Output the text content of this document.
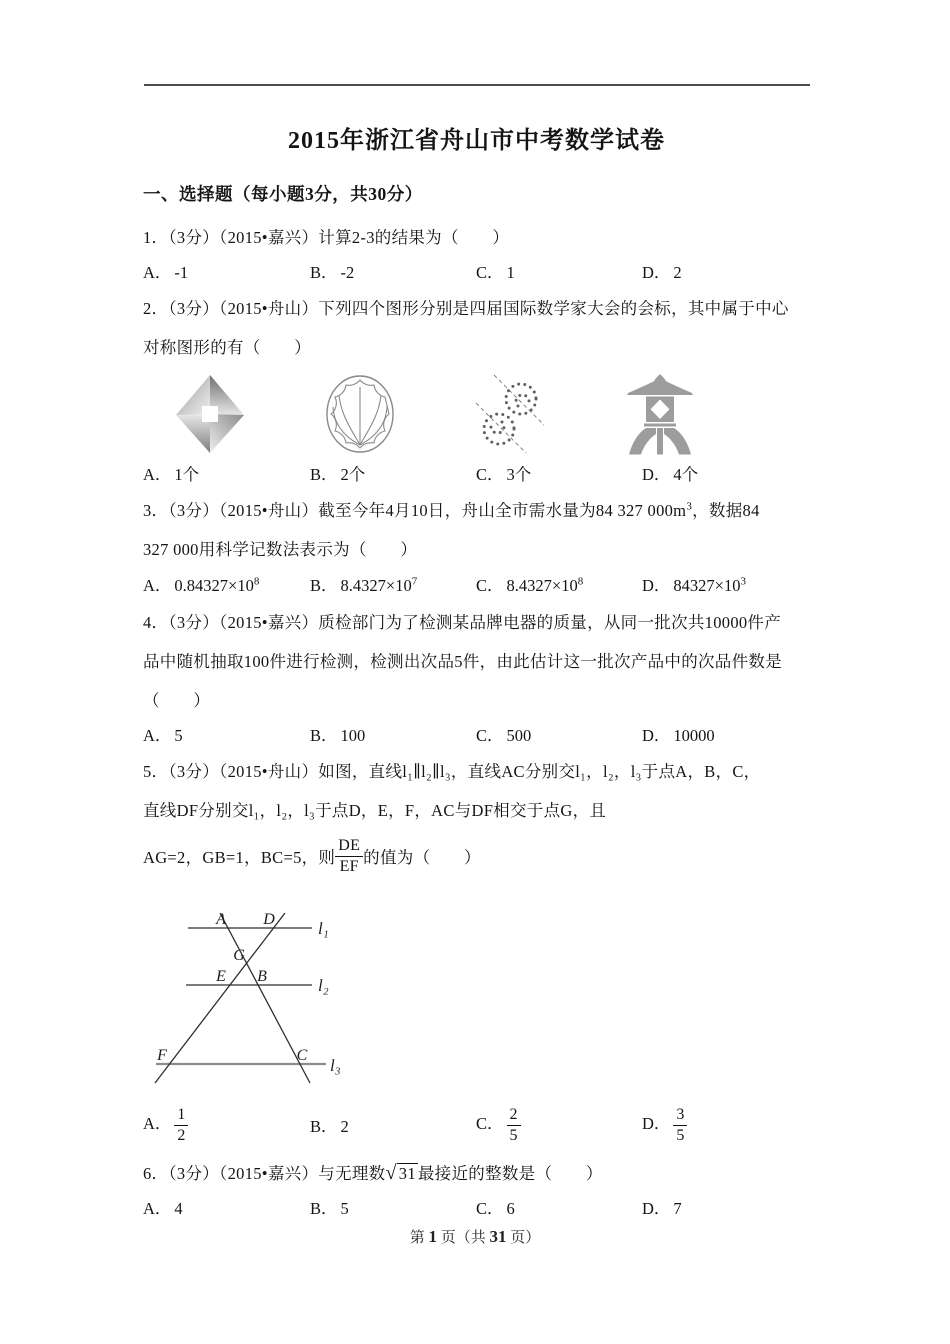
2015年浙江省舟山市中考数学试卷
一、选择题（每小题3分，共30分）

1．（3分）（2015•嘉兴）计算2-3的结果为（　　）

A． -1	B． -2	C． 1	D． 2

2．（3分）（2015•舟山）下列四个图形分别是四届国际数学家大会的会标，其中属于中心

对称图形的有（　　）

A． 1个	B． 2个	C． 3个	D． 4个

3．（3分）（2015•舟山）截至今年4月10日，舟山全市需水量为84 327 $000m^3$，数据84

327 000用科学记数法表示为（　　）

A． $0.84327\times 10^8$	B． $8.4327\times 10^7$	C． $8.4327\times 10^8$	D． $84327\times 10^3$

4．（3分）（2015•嘉兴）质检部门为了检测某品牌电器的质量，从同一批次共10000件产

品中随机抽取100件进行检测，检测出次品5件，由此估计这一批次产品中的次品件数是

（　　）

A． 5	B． 100	C． 500	D． 10000

5．（3分）（2015•舟山）如图，直线l₁∥l₂∥l₃，直线AC分别交l₁，l₂，l₃于点A，B，C，

直线DF分别交l₁，l₂，l₃于点D，E，F，AC与DF相交于点G，且

AG=2，GB=1，BC=5，则 $\frac{DE}{EF}$ 的值为（　　）
A D
G
E B
F	C
l₁
l₂
l₃
A． $\frac{1}{2}$	B． 2	C． $\frac{2}{5}$	D． $\frac{3}{5}$

6．（3分）（2015•嘉兴）与无理数√ 31 最接近的整数是（　　）

A． 4	B． 5	C． 6	D． 7
第 1 页（共 31 页）
